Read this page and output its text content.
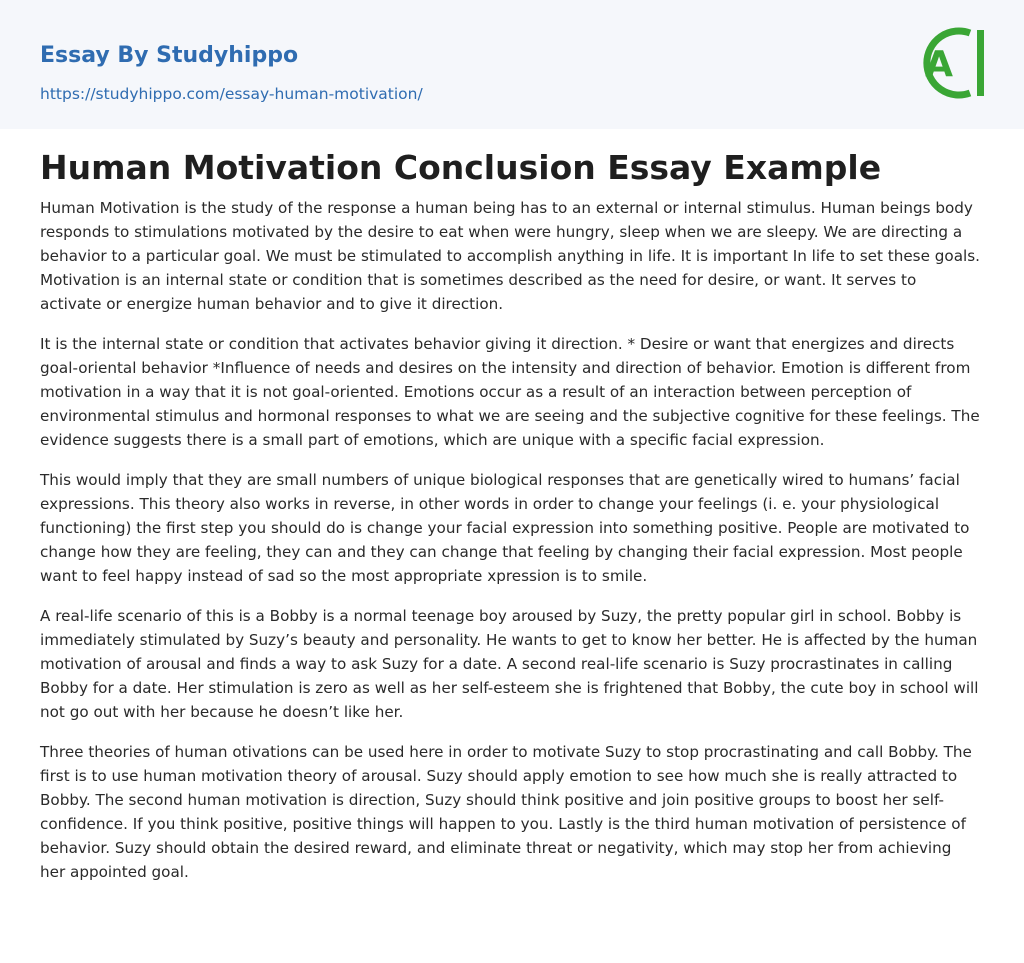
Essay By Studyhippo
https://studyhippo.com/essay-human-motivation/
A
Human Motivation Conclusion Essay Example

Human Motivation is the study of the response a human being has to an external or internal stimulus. Human beings body responds to stimulations motivated by the desire to eat when were hungry, sleep when we are sleepy. We are directing a behavior to a particular goal. We must be stimulated to accomplish anything in life. It is important In life to set these goals. Motivation is an internal state or condition that is sometimes described as the need for desire, or want. It serves to activate or energize human behavior and to give it direction.

It is the internal state or condition that activates behavior giving it direction. * Desire or want that energizes and directs goal-oriental behavior *Influence of needs and desires on the intensity and direction of behavior. Emotion is different from motivation in a way that it is not goal-oriented. Emotions occur as a result of an interaction between perception of environmental stimulus and hormonal responses to what we are seeing and the subjective cognitive for these feelings. The evidence suggests there is a small part of emotions, which are unique with a specific facial expression.

This would imply that they are small numbers of unique biological responses that are genetically wired to humans’ facial expressions. This theory also works in reverse, in other words in order to change your feelings (i. e. your physiological functioning) the first step you should do is change your facial expression into something positive. People are motivated to change how they are feeling, they can and they can change that feeling by changing their facial expression. Most people want to feel happy instead of sad so the most appropriate xpression is to smile.

A real-life scenario of this is a Bobby is a normal teenage boy aroused by Suzy, the pretty popular girl in school. Bobby is immediately stimulated by Suzy’s beauty and personality. He wants to get to know her better. He is affected by the human motivation of arousal and finds a way to ask Suzy for a date. A second real-life scenario is Suzy procrastinates in calling Bobby for a date. Her stimulation is zero as well as her self-esteem she is frightened that Bobby, the cute boy in school will not go out with her because he doesn’t like her.

Three theories of human otivations can be used here in order to motivate Suzy to stop procrastinating and call Bobby. The first is to use human motivation theory of arousal. Suzy should apply emotion to see how much she is really attracted to Bobby. The second human motivation is direction, Suzy should think positive and join positive groups to boost her self-confidence. If you think positive, positive things will happen to you. Lastly is the third human motivation of persistence of behavior. Suzy should obtain the desired reward, and eliminate threat or negativity, which may stop her from achieving her appointed goal.
